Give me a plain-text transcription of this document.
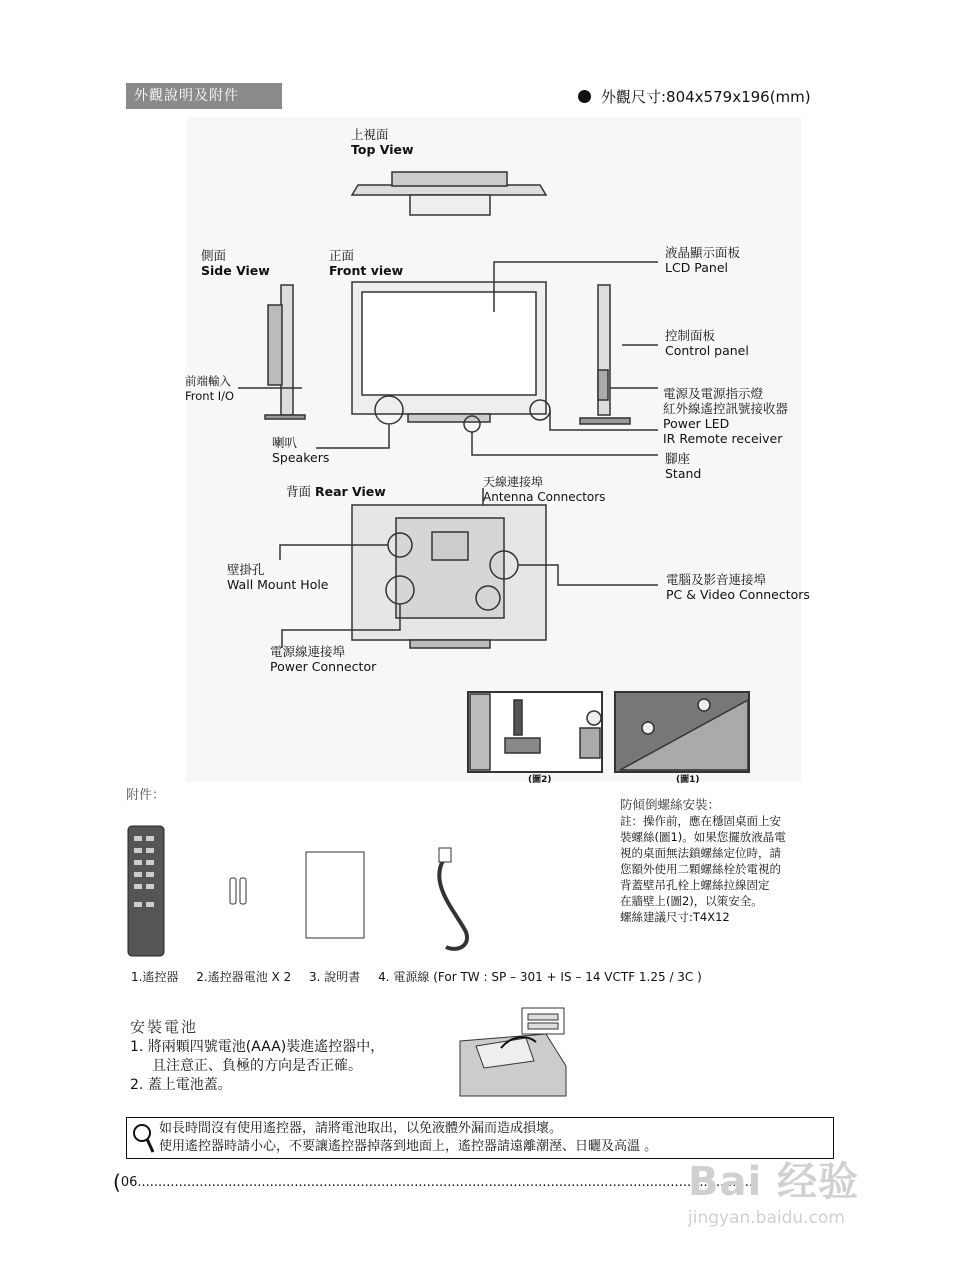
外觀說明及附件	外觀尺寸:804x579x196(mm)
上視面
Top View
側面
Side View
正面
Front view
液晶顯示面板
LCD Panel
控制面板
Control panel
電源及電源指示燈
紅外線遙控訊號接收器
Power LED
IR Remote receiver
前端輸入
Front I/O
喇叭
Speakers	腳座
Stand
背面 Rear View
天線連接埠
Antenna Connectors
壁掛孔
Wall Mount Hole	電腦及影音連接埠
PC & Video Connectors
電源線連接埠
Power Connector
(圖2)	(圖1)
附件：
1.遙控器 2.遙控器電池 X 2 3. 說明書 4. 電源線 (For TW : SP – 301 + IS – 14 VCTF 1.25 / 3C )
防傾倒螺絲安裝：
註：操作前，應在穩固桌面上安
裝螺絲(圖1)。如果您擺放液晶電
視的桌面無法鎖螺絲定位時，請
您額外使用二顆螺絲栓於電視的
背蓋壁吊孔栓上螺絲拉線固定
在牆壁上(圖2)，以策安全。
螺絲建議尺寸:T4X12
安裝電池
1. 將兩顆四號電池(AAA)裝進遙控器中，
且注意正、負極的方向是否正確。
2. 蓋上電池蓋。
如長時間沒有使用遙控器，請將電池取出，以免液體外漏而造成損壞。
使用遙控器時請小心，不要讓遙控器掉落到地面上，遙控器請遠離潮溼、日曬及高溫 。
(06......................................................................................................................................................
Bai 经验
jingyan.baidu.com
